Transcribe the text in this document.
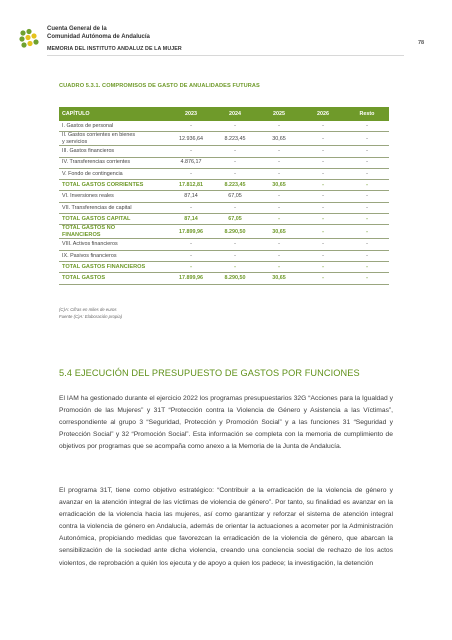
Cuenta General de la
Comunidad Autónoma de Andalucía
MEMORIA DEL INSTITUTO ANDALUZ DE LA MUJER
78
CUADRO 5.3.1. COMPROMISOS DE GASTO DE ANUALIDADES FUTURAS
CAPÍTULO	2023	2024	2025	2026	Resto
I. Gastos de personal	-	-	-	-	-
II. Gastos corrientes en bienes
y servicios	12.936,64	8.223,45	30,65	-	-
III. Gastos financieros	-	-	-	-	-
IV. Transferencias corrientes	4.876,17	-	-	-	-
V. Fondo de contingencia	-	-	-	-	-
TOTAL GASTOS CORRIENTES	17.812,81	8.223,45	30,65	-	-
VI. Inversiones reales	87,14	67,05	-	-	-
VII. Transferencias de capital	-	-	-	-	-
TOTAL GASTOS CAPITAL	87,14	67,05	-	-	-
TOTAL GASTOS NO
FINANCIEROS	17.899,96	8.290,50	30,65	-	-
VIII. Activos financieros	-	-	-	-	-
IX. Pasivos financieros	-	-	-	-	-
TOTAL GASTOS FINANCIEROS	-	-	-	-	-
TOTAL GASTOS	17.899,96	8.290,50	30,65	-	-
(C)A: Cifras en miles de euros
Fuente (C)A: Elaboración propia)
5.4 EJECUCIÓN DEL PRESUPUESTO DE GASTOS POR FUNCIONES

El IAM ha gestionado durante el ejercicio 2022 los programas presupuestarios 32G “Acciones para la Igualdad y Promoción de las Mujeres” y 31T “Protección contra la Violencia de Género y Asistencia a las Víctimas”, correspondiente al grupo 3 “Seguridad, Protección y Promoción Social” y a las funciones 31 “Seguridad y Protección Social” y 32 “Promoción Social”. Esta información se completa con la memoria de cumplimiento de objetivos por programas que se acompaña como anexo a la Memoria de la Junta de Andalucía.

El programa 31T, tiene como objetivo estratégico: “Contribuir a la erradicación de la violencia de género y avanzar en la atención integral de las víctimas de violencia de género”. Por tanto, su finalidad es avanzar en la erradicación de la violencia hacia las mujeres, así como garantizar y reforzar el sistema de atención integral contra la violencia de género en Andalucía, además de orientar la actuaciones a acometer por la Administración Autonómica, propiciando medidas que favorezcan la erradicación de la violencia de género, que abarcan la sensibilización de la sociedad ante dicha violencia, creando una conciencia social de rechazo de los actos violentos, de reprobación a quién los ejecuta y de apoyo a quien los padece; la investigación, la detención
